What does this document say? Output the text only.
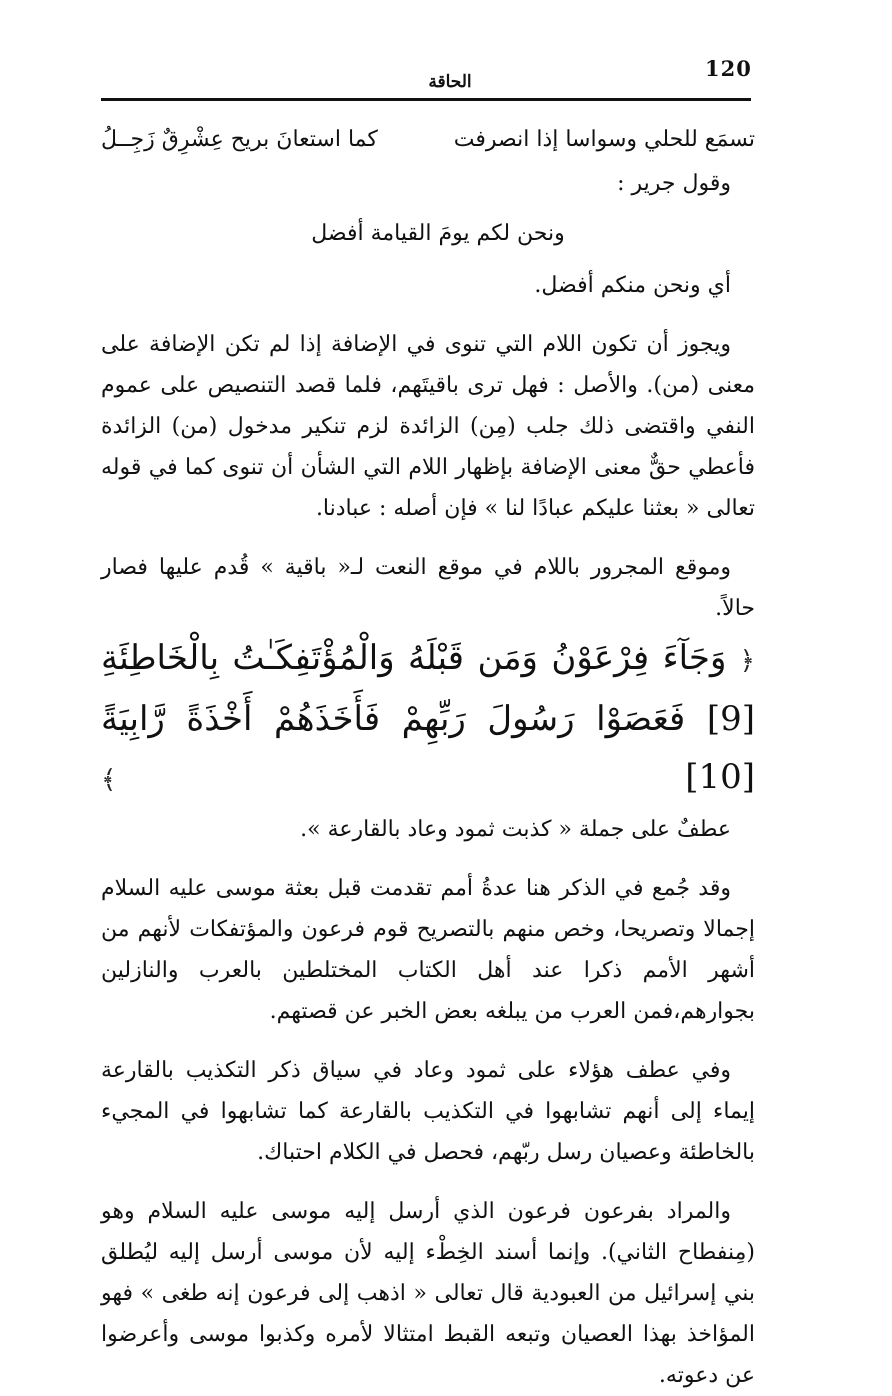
120
الحاقة
تسمَع للحلي وسواسا إذا انصرفت
كما استعانَ بريح عِشْرِقٌ زَجِــلُ

وقول جرير :

ونحن لكم يومَ القيامة أفضل

أي ونحن منكم أفضل.

ويجوز أن تكون اللام التي تنوى في الإضافة إذا لم تكن الإضافة على معنى (من). والأصل : فهل ترى باقيتَهم، فلما قصد التنصيص على عموم النفي واقتضى ذلك جلب (مِن) الزائدة لزم تنكير مدخول (من) الزائدة فأعطي حقٌّ معنى الإضافة بإظهار اللام التي الشأن أن تنوى كما في قوله تعالى « بعثنا عليكم عبادًا لنا » فإن أصله : عبادنا.

وموقع المجرور باللام في موقع النعت لـ« باقية » قُدم عليها فصار حالاً.

﴿ وَجَآءَ فِرْعَوْنُ وَمَن قَبْلَهُ وَالْمُؤْتَفِكَـٰتُ بِالْخَاطِئَةِ [9] فَعَصَوْا رَسُولَ رَبِّهِمْ فَأَخَذَهُمْ أَخْذَةً رَّابِيَةً [10] ﴾

عطفٌ على جملة « كذبت ثمود وعاد بالقارعة ».

وقد جُمع في الذكر هنا عدةُ أمم تقدمت قبل بعثة موسى عليه السلام إجمالا وتصريحا، وخص منهم بالتصريح قوم فرعون والمؤتفكات لأنهم من أشهر الأمم ذكرا عند أهل الكتاب المختلطين بالعرب والنازلين بجوارهم،فمن العرب من يبلغه بعض الخبر عن قصتهم.

وفي عطف هؤلاء على ثمود وعاد في سياق ذكر التكذيب بالقارعة إيماء إلى أنهم تشابهوا في التكذيب بالقارعة كما تشابهوا في المجيء بالخاطئة وعصيان رسل ربّهم، فحصل في الكلام احتباك.

والمراد بفرعون فرعون الذي أرسل إليه موسى عليه السلام وهو (مِنفطاح الثاني). وإنما أسند الخِطْء إليه لأن موسى أرسل إليه ليُطلق بني إسرائيل من العبودية قال تعالى « اذهب إلى فرعون إنه طغى » فهو المؤاخذ بهذا العصيان وتبعه القبط امتثالا لأمره وكذبوا موسى وأعرضوا عن دعوته.
